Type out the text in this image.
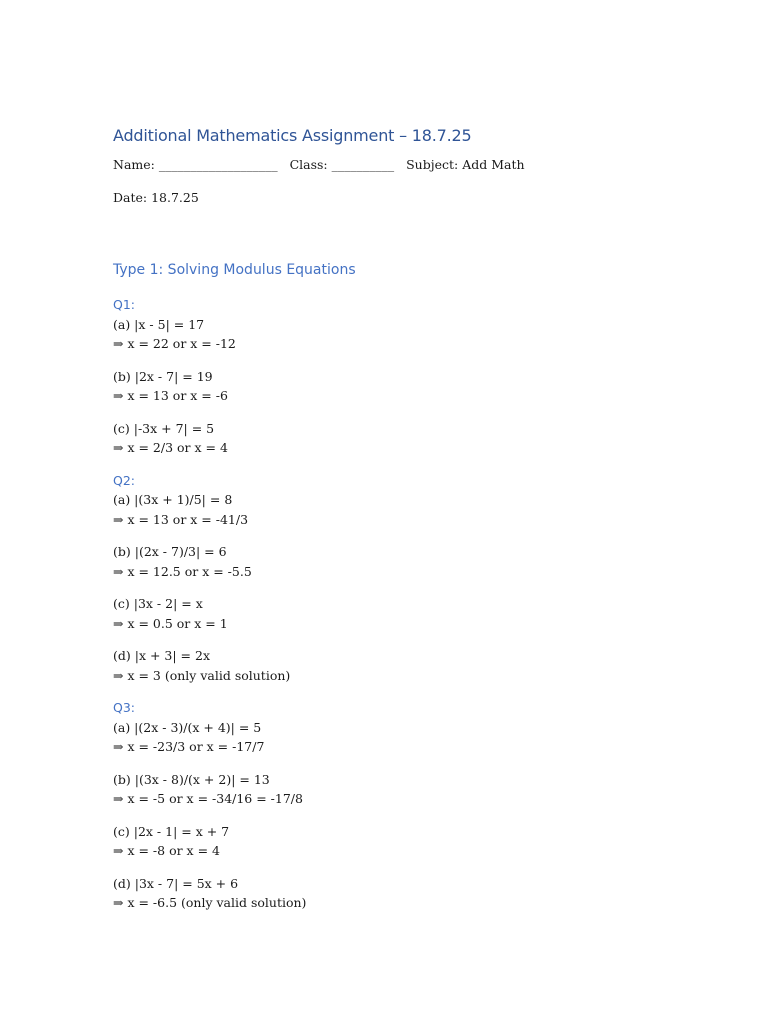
Additional Mathematics Assignment – 18.7.25
Name: ___________________ Class: __________ Subject: Add Math
Date: 18.7.25
Type 1: Solving Modulus Equations
Q1:
(a) |x - 5| = 17
⇒ x = 22 or x = -12
(b) |2x - 7| = 19
⇒ x = 13 or x = -6
(c) |-3x + 7| = 5
⇒ x = 2/3 or x = 4
Q2:
(a) |(3x + 1)/5| = 8
⇒ x = 13 or x = -41/3
(b) |(2x - 7)/3| = 6
⇒ x = 12.5 or x = -5.5
(c) |3x - 2| = x
⇒ x = 0.5 or x = 1
(d) |x + 3| = 2x
⇒ x = 3 (only valid solution)
Q3:
(a) |(2x - 3)/(x + 4)| = 5
⇒ x = -23/3 or x = -17/7
(b) |(3x - 8)/(x + 2)| = 13
⇒ x = -5 or x = -34/16 = -17/8
(c) |2x - 1| = x + 7
⇒ x = -8 or x = 4
(d) |3x - 7| = 5x + 6
⇒ x = -6.5 (only valid solution)
